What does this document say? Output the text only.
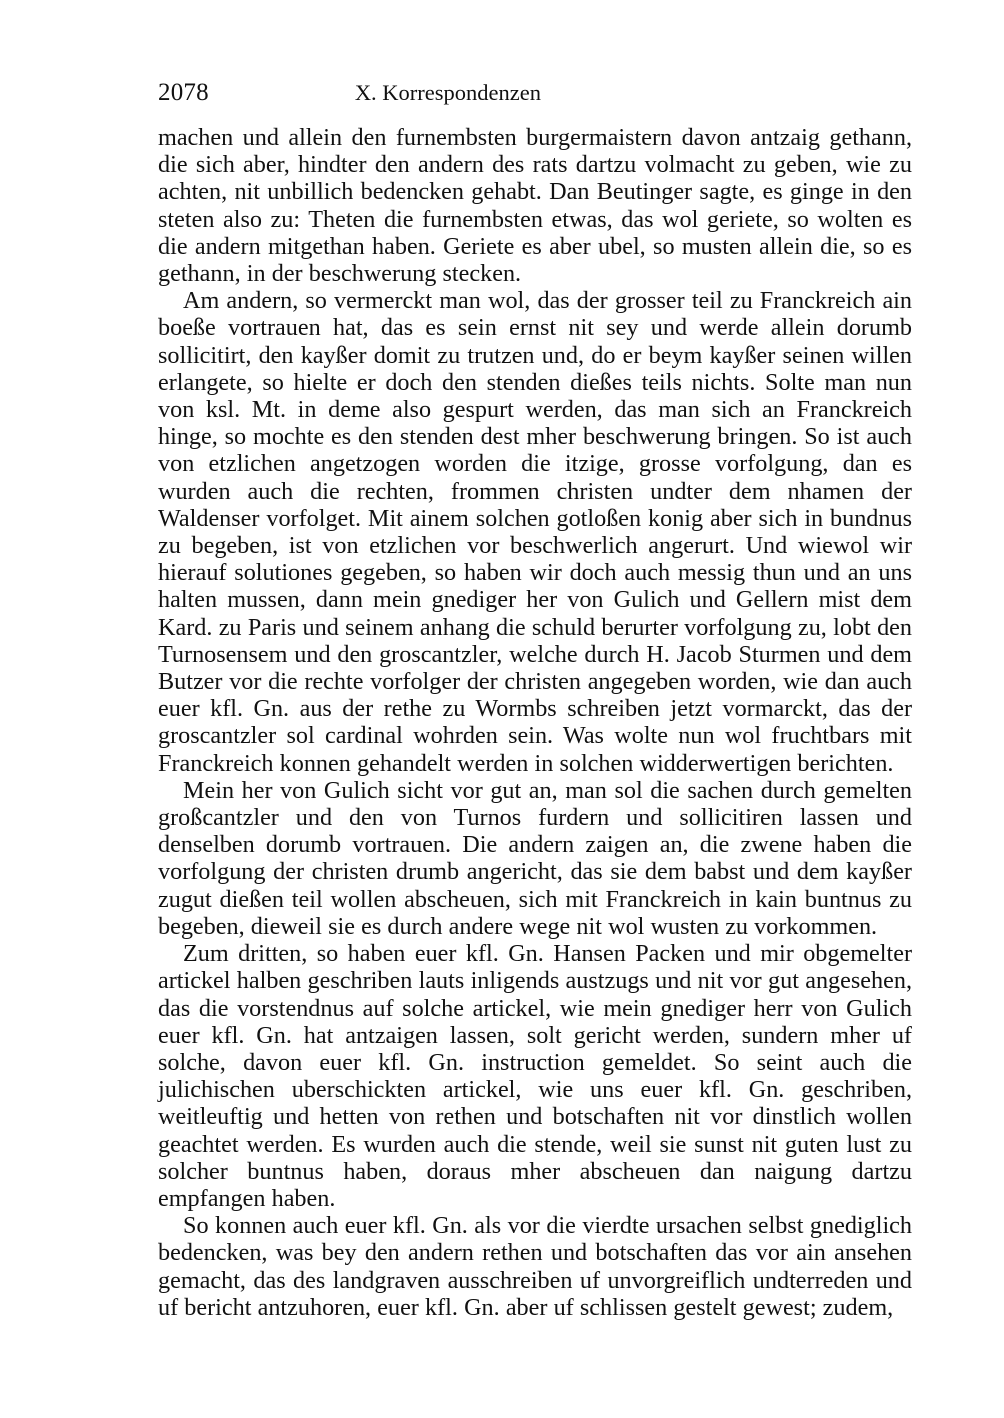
2078	X. Korrespondenzen

machen und allein den furnembsten burgermaistern davon antzaig gethann, die sich aber, hindter den andern des rats dartzu volmacht zu geben, wie zu achten, nit unbillich bedencken gehabt. Dan Beutinger sagte, es ginge in den steten also zu: Theten die furnembsten etwas, das wol geriete, so wolten es die andern mitgethan haben. Geriete es aber ubel, so musten allein die, so es gethann, in der beschwerung stecken.

Am andern, so vermerckt man wol, das der grosser teil zu Franckreich ain boeße vortrauen hat, das es sein ernst nit sey und werde allein dorumb sollicitirt, den kayßer domit zu trutzen und, do er beym kayßer seinen willen erlangete, so hielte er doch den stenden dießes teils nichts. Solte man nun von ksl. Mt. in deme also gespurt werden, das man sich an Franckreich hinge, so mochte es den stenden dest mher beschwerung bringen. So ist auch von etzlichen angetzogen worden die itzige, grosse vorfolgung, dan es wurden auch die rechten, frommen christen undter dem nhamen der Waldenser vorfolget. Mit ainem solchen gotloßen konig aber sich in bundnus zu begeben, ist von etzlichen vor beschwerlich angerurt. Und wiewol wir hierauf solutiones gegeben, so haben wir doch auch messig thun und an uns halten mussen, dann mein gnediger her von Gulich und Gellern mist dem Kard. zu Paris und seinem anhang die schuld berurter vorfolgung zu, lobt den Turnosensem und den groscantzler, welche durch H. Jacob Sturmen und dem Butzer vor die rechte vorfolger der christen angegeben worden, wie dan auch euer kfl. Gn. aus der rethe zu Wormbs schreiben jetzt vormarckt, das der groscantzler sol cardinal wohrden sein. Was wolte nun wol fruchtbars mit Franckreich konnen gehandelt werden in solchen widderwertigen berichten.

Mein her von Gulich sicht vor gut an, man sol die sachen durch gemelten großcantzler und den von Turnos furdern und sollicitiren lassen und denselben dorumb vortrauen. Die andern zaigen an, die zwene haben die vorfolgung der christen drumb angericht, das sie dem babst und dem kayßer zugut dießen teil wollen abscheuen, sich mit Franckreich in kain buntnus zu begeben, dieweil sie es durch andere wege nit wol wusten zu vorkommen.

Zum dritten, so haben euer kfl. Gn. Hansen Packen und mir obgemelter artickel halben geschriben lauts inligends austzugs und nit vor gut angesehen, das die vorstendnus auf solche artickel, wie mein gnediger herr von Gulich euer kfl. Gn. hat antzaigen lassen, solt gericht werden, sundern mher uf solche, davon euer kfl. Gn. instruction gemeldet. So seint auch die julichischen uberschickten artickel, wie uns euer kfl. Gn. geschriben, weitleuftig und hetten von rethen und botschaften nit vor dinstlich wollen geachtet werden. Es wurden auch die stende, weil sie sunst nit guten lust zu solcher buntnus haben, doraus mher abscheuen dan naigung dartzu empfangen haben.

So konnen auch euer kfl. Gn. als vor die vierdte ursachen selbst gnediglich bedencken, was bey den andern rethen und botschaften das vor ain ansehen gemacht, das des landgraven ausschreiben uf unvorgreiflich undterreden und uf bericht antzuhoren, euer kfl. Gn. aber uf schlissen gestelt gewest; zudem,
